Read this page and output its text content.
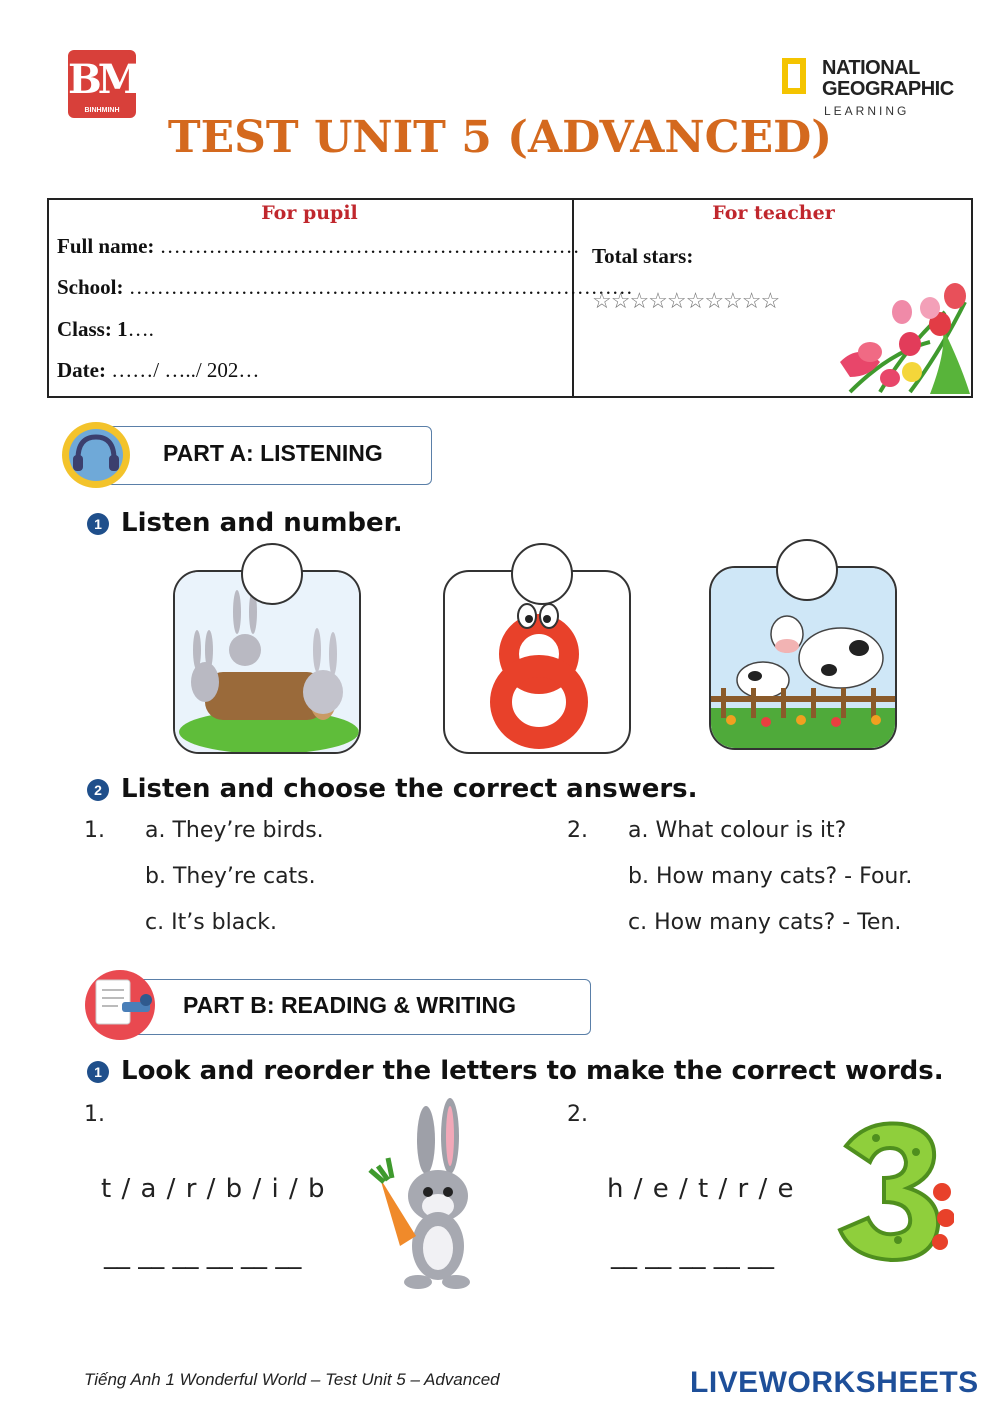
BM
BINHMINH
NATIONAL
GEOGRAPHIC
LEARNING
TEST UNIT 5 (ADVANCED)
For pupil	For teacher
Full name: ……………………………………………………
School: ………………………………………………………………
Class: 1….
Date: ……/ …../ 202…
Total stars:
☆☆☆☆☆☆☆☆☆☆
PART A: LISTENING
1 Listen and number.
2 Listen and choose the correct answers.
1. a. They’re birds.
b. They’re cats.
c. It’s black.
2. a. What colour is it?
b. How many cats? - Four.
c. How many cats? - Ten.
PART B: READING & WRITING
1 Look and reorder the letters to make the correct words.
1.
t / a / r / b / i / b
__ __ __ __ __ __
2.
h / e / t / r / e
__ __ __ __ __
Tiếng Anh 1 Wonderful World – Test Unit 5 – Advanced	LIVEWORKSHEETS
